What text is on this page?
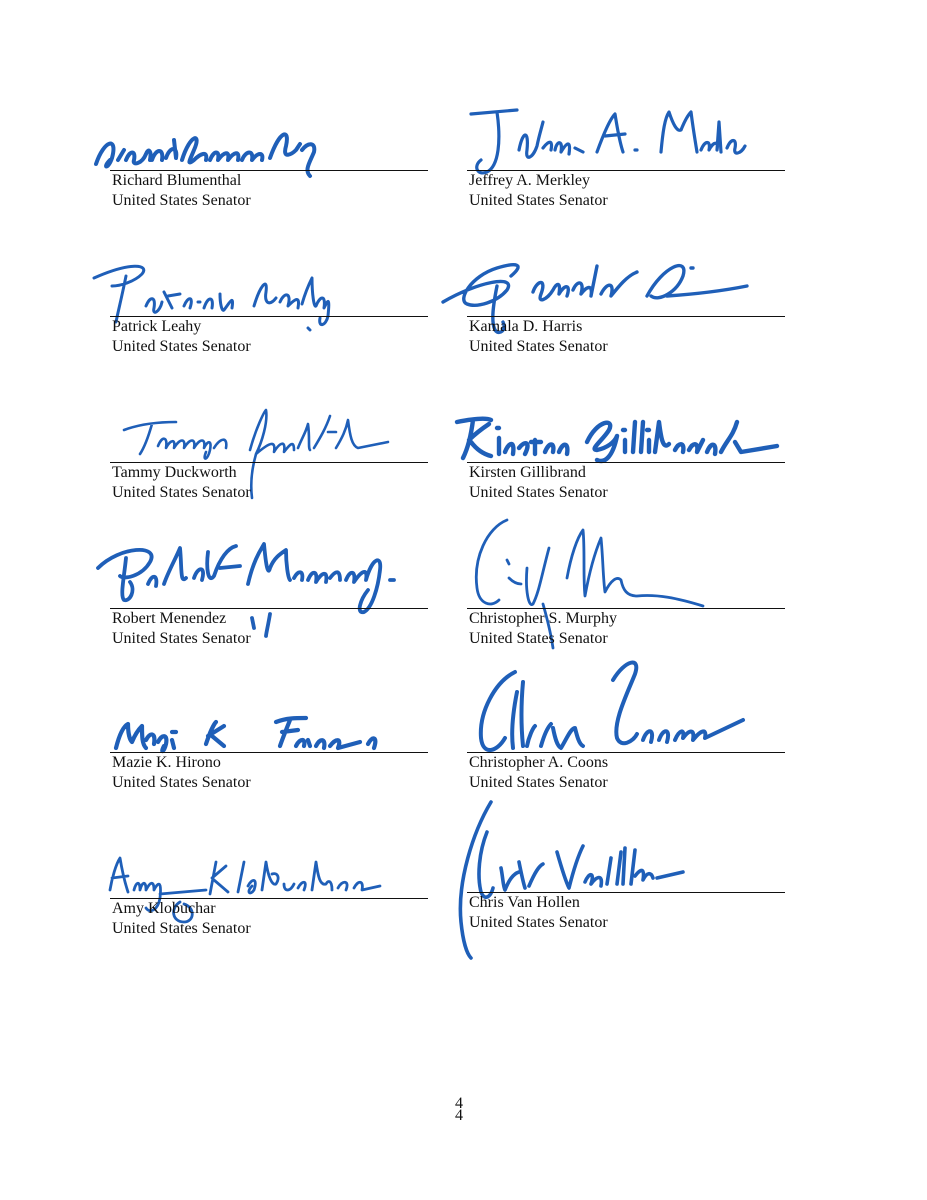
Richard Blumenthal
United States Senator
Jeffrey A. Merkley
United States Senator
Patrick Leahy
United States Senator
Kamala D. Harris
United States Senator
Tammy Duckworth
United States Senator
Kirsten Gillibrand
United States Senator
Robert Menendez
United States Senator
Christopher S. Murphy
United States Senator
Mazie K. Hirono
United States Senator
Christopher A. Coons
United States Senator
Amy Klobuchar
United States Senator
Chris Van Hollen
United States Senator
4
4
